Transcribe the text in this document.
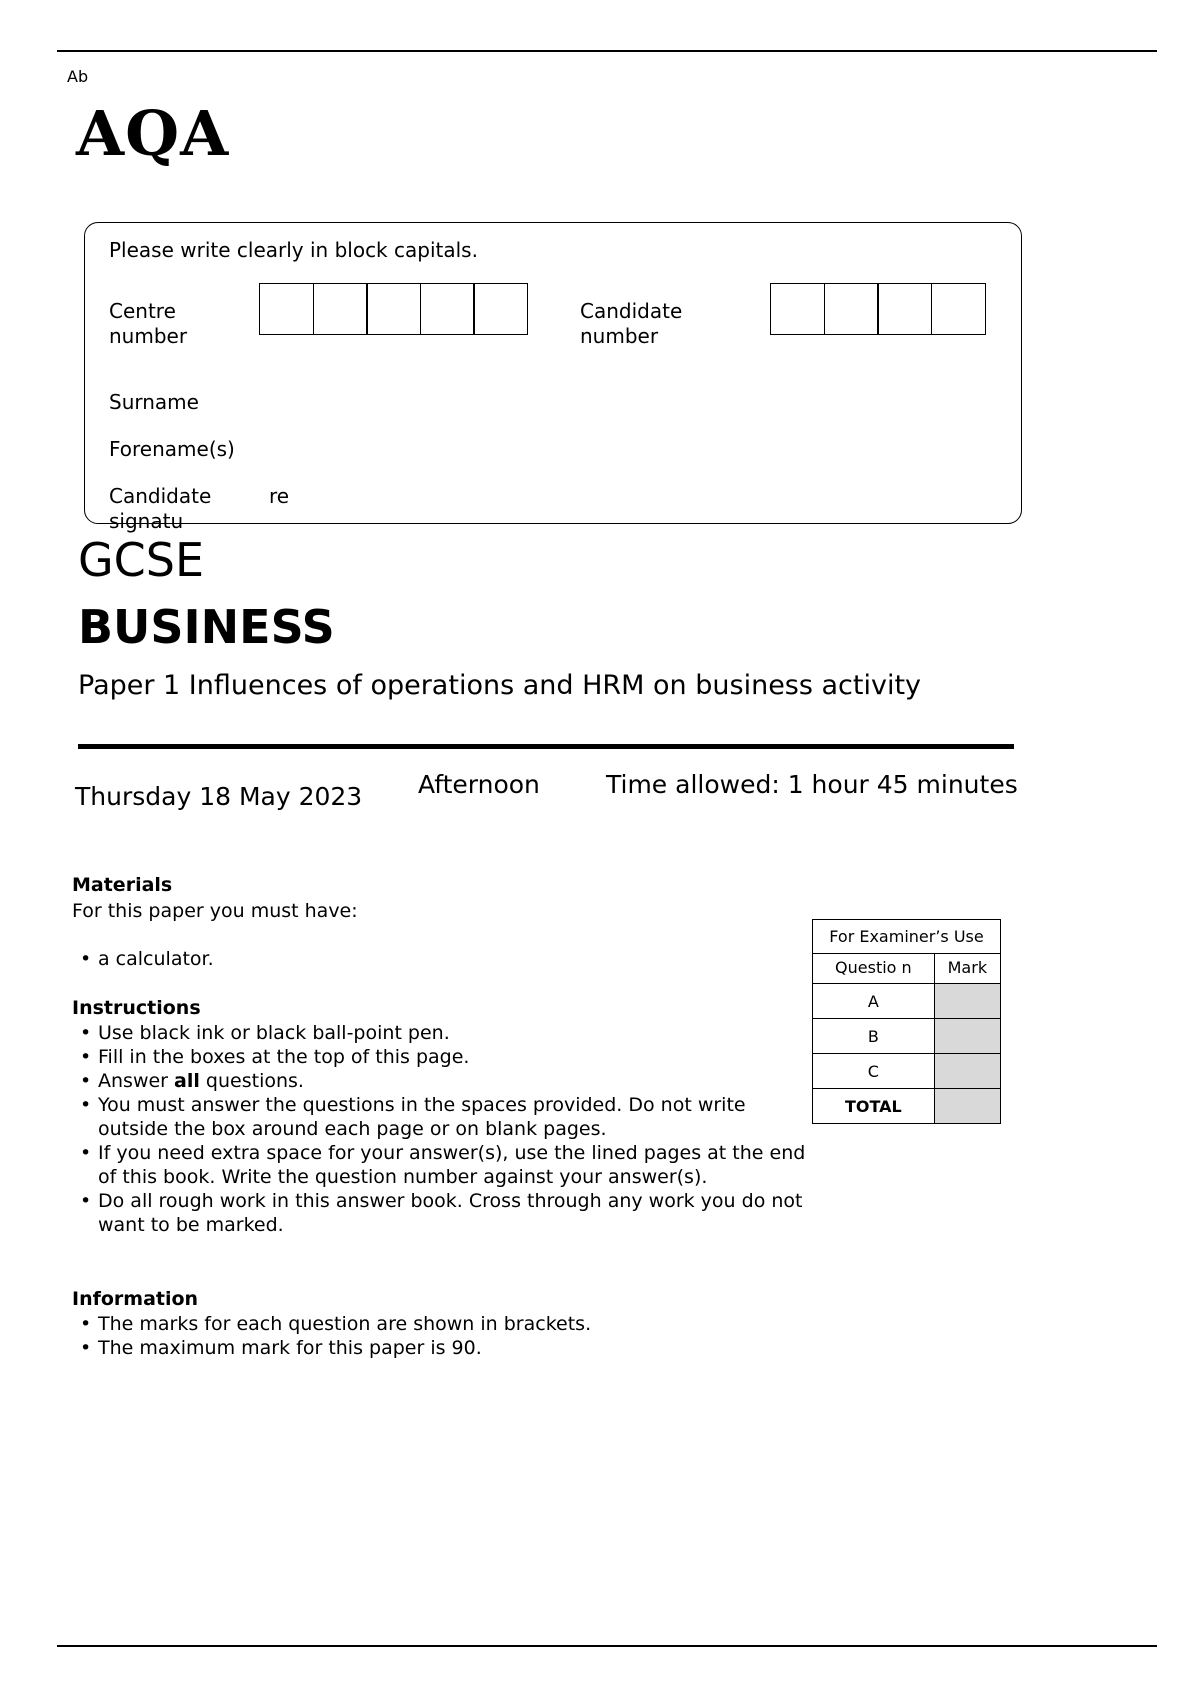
Ab
AQA
Please write clearly in block capitals.
Centre number
Candidate number
Surname
Forename(s)
Candidate signatu
re
GCSE
BUSINESS
Paper 1 Influences of operations and HRM on business activity
Thursday 18 May 2023	Afternoon	Time allowed: 1 hour 45 minutes
Materials
For this paper you must have:
• a calculator.
Instructions
• Use black ink or black ball-point pen.
• Fill in the boxes at the top of this page.
• Answer all questions.
• You must answer the questions in the spaces provided. Do not write outside the box around each page or on blank pages.
• If you need extra space for your answer(s), use the lined pages at the end of this book. Write the question number against your answer(s).
• Do all rough work in this answer book. Cross through any work you do not want to be marked.
Information
• The marks for each question are shown in brackets.
• The maximum mark for this paper is 90.
For Examiner’s Use	
Questio n	Mark
A	
B	
C	
TOTAL	
